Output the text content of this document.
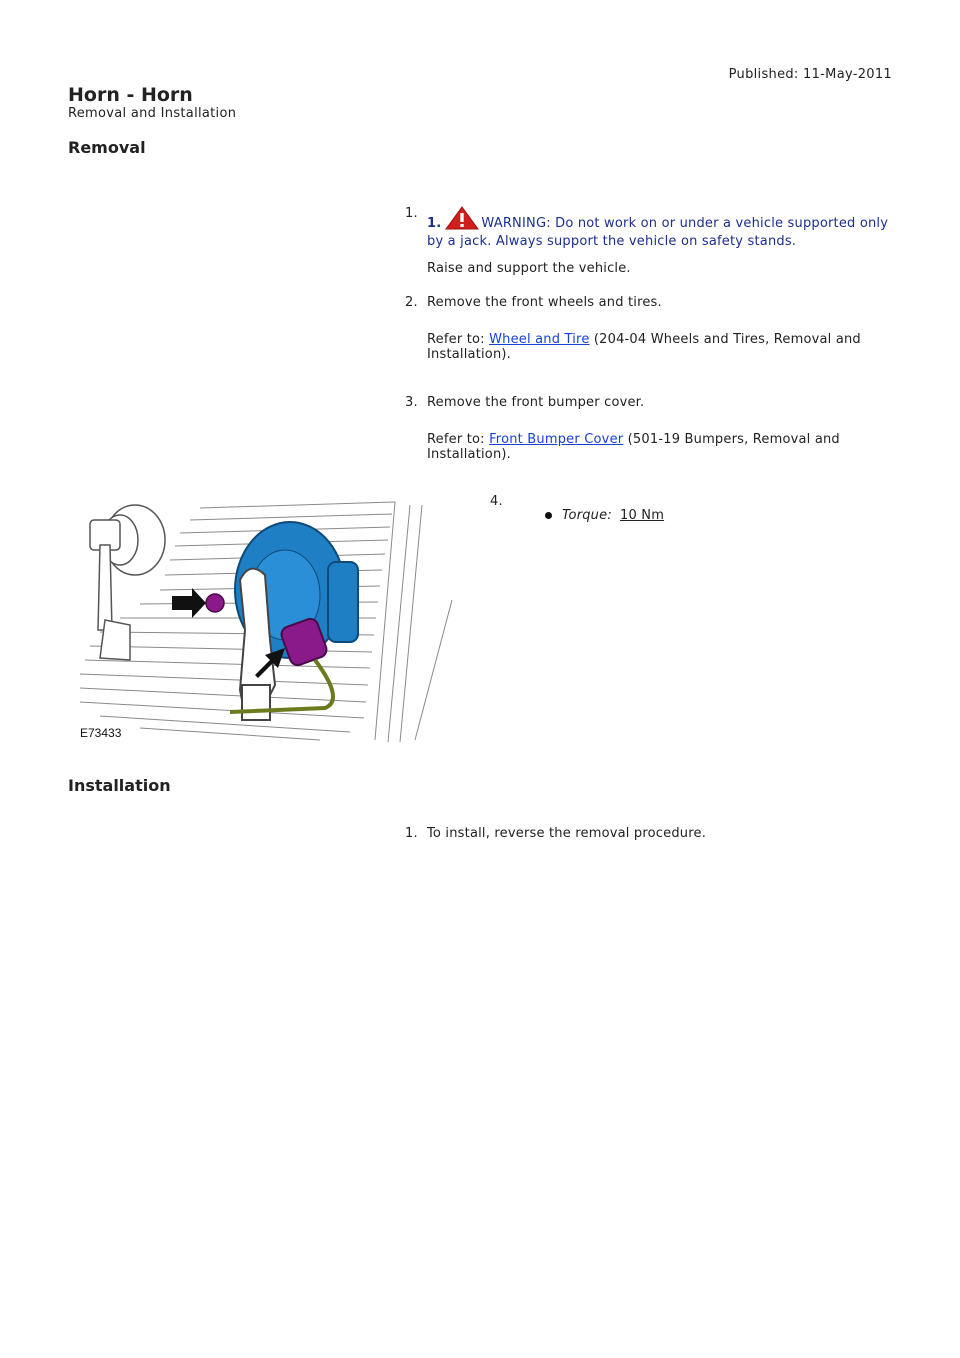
Published: 11-May-2011
Horn - Horn
Removal and Installation
Removal
1.
1.	WARNING: Do not work on or under a vehicle supported only by a jack. Always support the vehicle on safety stands.
Raise and support the vehicle.
2. Remove the front wheels and tires.
Refer to: Wheel and Tire (204-04 Wheels and Tires, Removal and Installation).
3. Remove the front bumper cover.
Refer to: Front Bumper Cover (501-19 Bumpers, Removal and Installation).
E73433
4.
Torque: 10 Nm
Installation
1. To install, reverse the removal procedure.
